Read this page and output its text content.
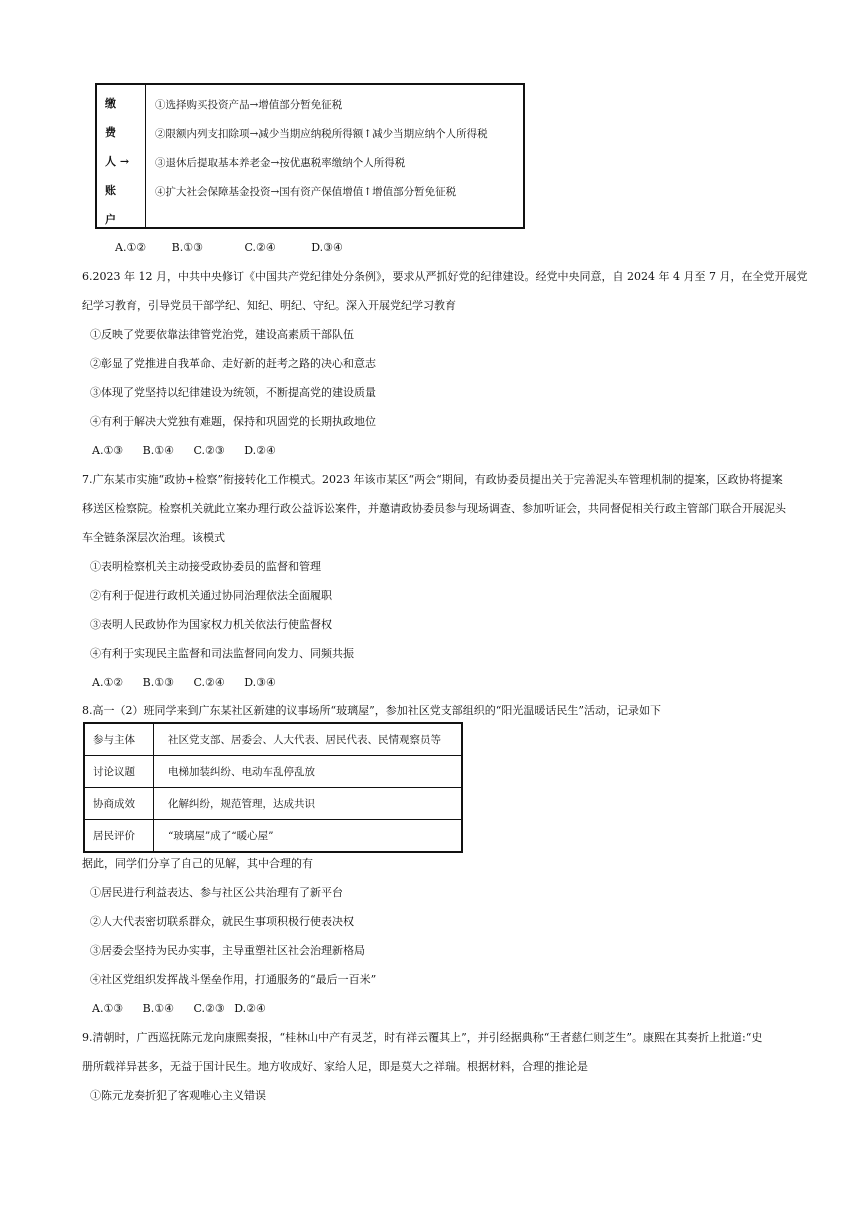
缴
费
人 →
账
户
①选择购买投资产品→增值部分暂免征税
②限额内列支扣除项→减少当期应纳税所得额↑减少当期应纳个人所得税
③退休后提取基本养老金→按优惠税率缴纳个人所得税
④扩大社会保障基金投资→国有资产保值增值↑增值部分暂免征税
A.①② B.①③	C.②④	D.③④
6.2023 年 12 月，中共中央修订《中国共产党纪律处分条例》，要求从严抓好党的纪律建设。经党中央同意，自 2024 年 4 月至 7 月，在全党开展党
纪学习教育，引导党员干部学纪、知纪、明纪、守纪。深入开展党纪学习教育
①反映了党要依靠法律管党治党，建设高素质干部队伍
②彰显了党推进自我革命、走好新的赶考之路的决心和意志
③体现了党坚持以纪律建设为统领，不断提高党的建设质量
④有利于解决大党独有难题，保持和巩固党的长期执政地位
A.①③ B.①④ C.②③ D.②④
7.广东某市实施“政协+检察”衔接转化工作模式。2023 年该市某区“两会“期间，有政协委员提出关于完善泥头车管理机制的提案，区政协将提案
移送区检察院。检察机关就此立案办理行政公益诉讼案件，并邀请政协委员参与现场调查、参加听证会，共同督促相关行政主管部门联合开展泥头
车全链条深层次治理。该模式
①表明检察机关主动接受政协委员的监督和管理
②有利于促进行政机关通过协同治理依法全面履职
③表明人民政协作为国家权力机关依法行使监督权
④有利于实现民主监督和司法监督同向发力、同频共振
A.①② B.①③ C.②④ D.③④
8.高一（2）班同学来到广东某社区新建的议事场所“玻璃屋”，参加社区党支部组织的“阳光温暖话民生”活动，记录如下
参与主体	社区党支部、居委会、人大代表、居民代表、民情观察员等
讨论议题	电梯加装纠纷、电动车乱停乱放
协商成效	化解纠纷，规范管理，达成共识
居民评价	“玻璃屋”成了“暖心屋”
据此，同学们分享了自己的见解，其中合理的有
①居民进行利益表达、参与社区公共治理有了新平台
②人大代表密切联系群众，就民生事项积极行使表决权
③居委会坚持为民办实事，主导重塑社区社会治理新格局
④社区党组织发挥战斗堡垒作用，打通服务的“最后一百米”
A.①③ B.①④ C.②③ D.②④
9.清朝时，广西巡抚陈元龙向康熙奏报，“桂林山中产有灵芝，时有祥云覆其上”，并引经据典称“王者慈仁则芝生”。康熙在其奏折上批道:“史
册所载祥异甚多，无益于国计民生。地方收成好、家给人足，即是莫大之祥瑞。根据材料，合理的推论是
①陈元龙奏折犯了客观唯心主义错误
